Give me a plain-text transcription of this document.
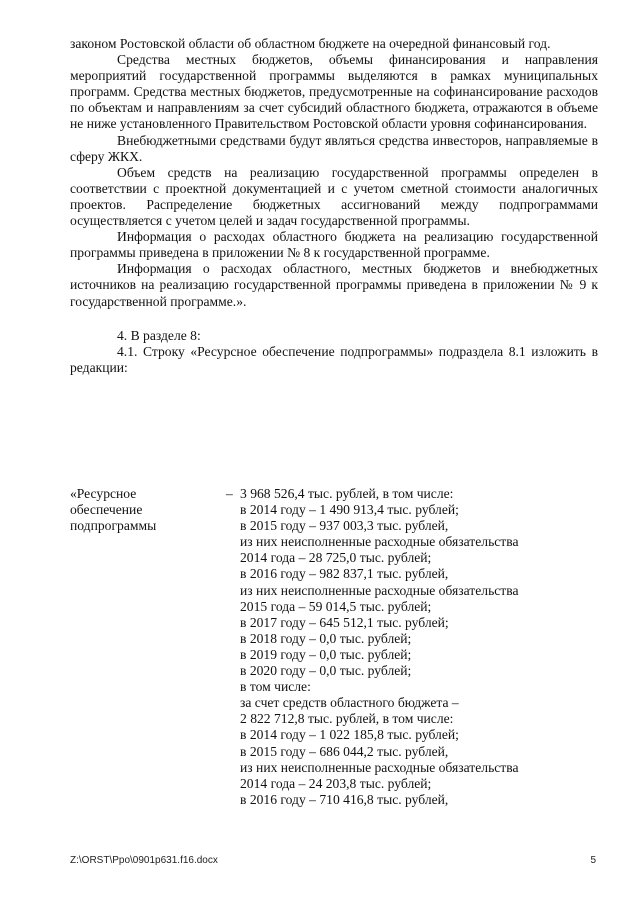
законом Ростовской области об областном бюджете на очередной финансовый год.

Средства местных бюджетов, объемы финансирования и направления мероприятий государственной программы выделяются в рамках муниципальных программ. Средства местных бюджетов, предусмотренные на софинансирование расходов по объектам и направлениям за счет субсидий областного бюджета, отражаются в объеме не ниже установленного Правительством Ростовской области уровня софинансирования.

Внебюджетными средствами будут являться средства инвесторов, направляемые в сферу ЖКХ.

Объем средств на реализацию государственной программы определен в соответствии с проектной документацией и с учетом сметной стоимости аналогичных проектов. Распределение бюджетных ассигнований между подпрограммами осуществляется с учетом целей и задач государственной программы.

Информация о расходах областного бюджета на реализацию государственной программы приведена в приложении № 8 к государственной программе.

Информация о расходах областного, местных бюджетов и внебюджетных источников на реализацию государственной программы приведена в приложении № 9 к государственной программе.».

4. В разделе 8:

4.1. Строку «Ресурсное обеспечение подпрограммы» подраздела 8.1 изложить в редакции:

«Ресурсное
обеспечение
подпрограммы
– 3 968 526,4 тыс. рублей, в том числе:
в 2014 году – 1 490 913,4 тыс. рублей;
в 2015 году – 937 003,3 тыс. рублей,
из них неисполненные расходные обязательства
2014 года – 28 725,0 тыс. рублей;
в 2016 году – 982 837,1 тыс. рублей,
из них неисполненные расходные обязательства
2015 года – 59 014,5 тыс. рублей;
в 2017 году – 645 512,1 тыс. рублей;
в 2018 году – 0,0 тыс. рублей;
в 2019 году – 0,0 тыс. рублей;
в 2020 году – 0,0 тыс. рублей;
в том числе:
за счет средств областного бюджета –
2 822 712,8 тыс. рублей, в том числе:
в 2014 году – 1 022 185,8 тыс. рублей;
в 2015 году – 686 044,2 тыс. рублей,
из них неисполненные расходные обязательства
2014 года – 24 203,8 тыс. рублей;
в 2016 году – 710 416,8 тыс. рублей,
Z:\ORST\Ppo\0901p631.f16.docx	5
